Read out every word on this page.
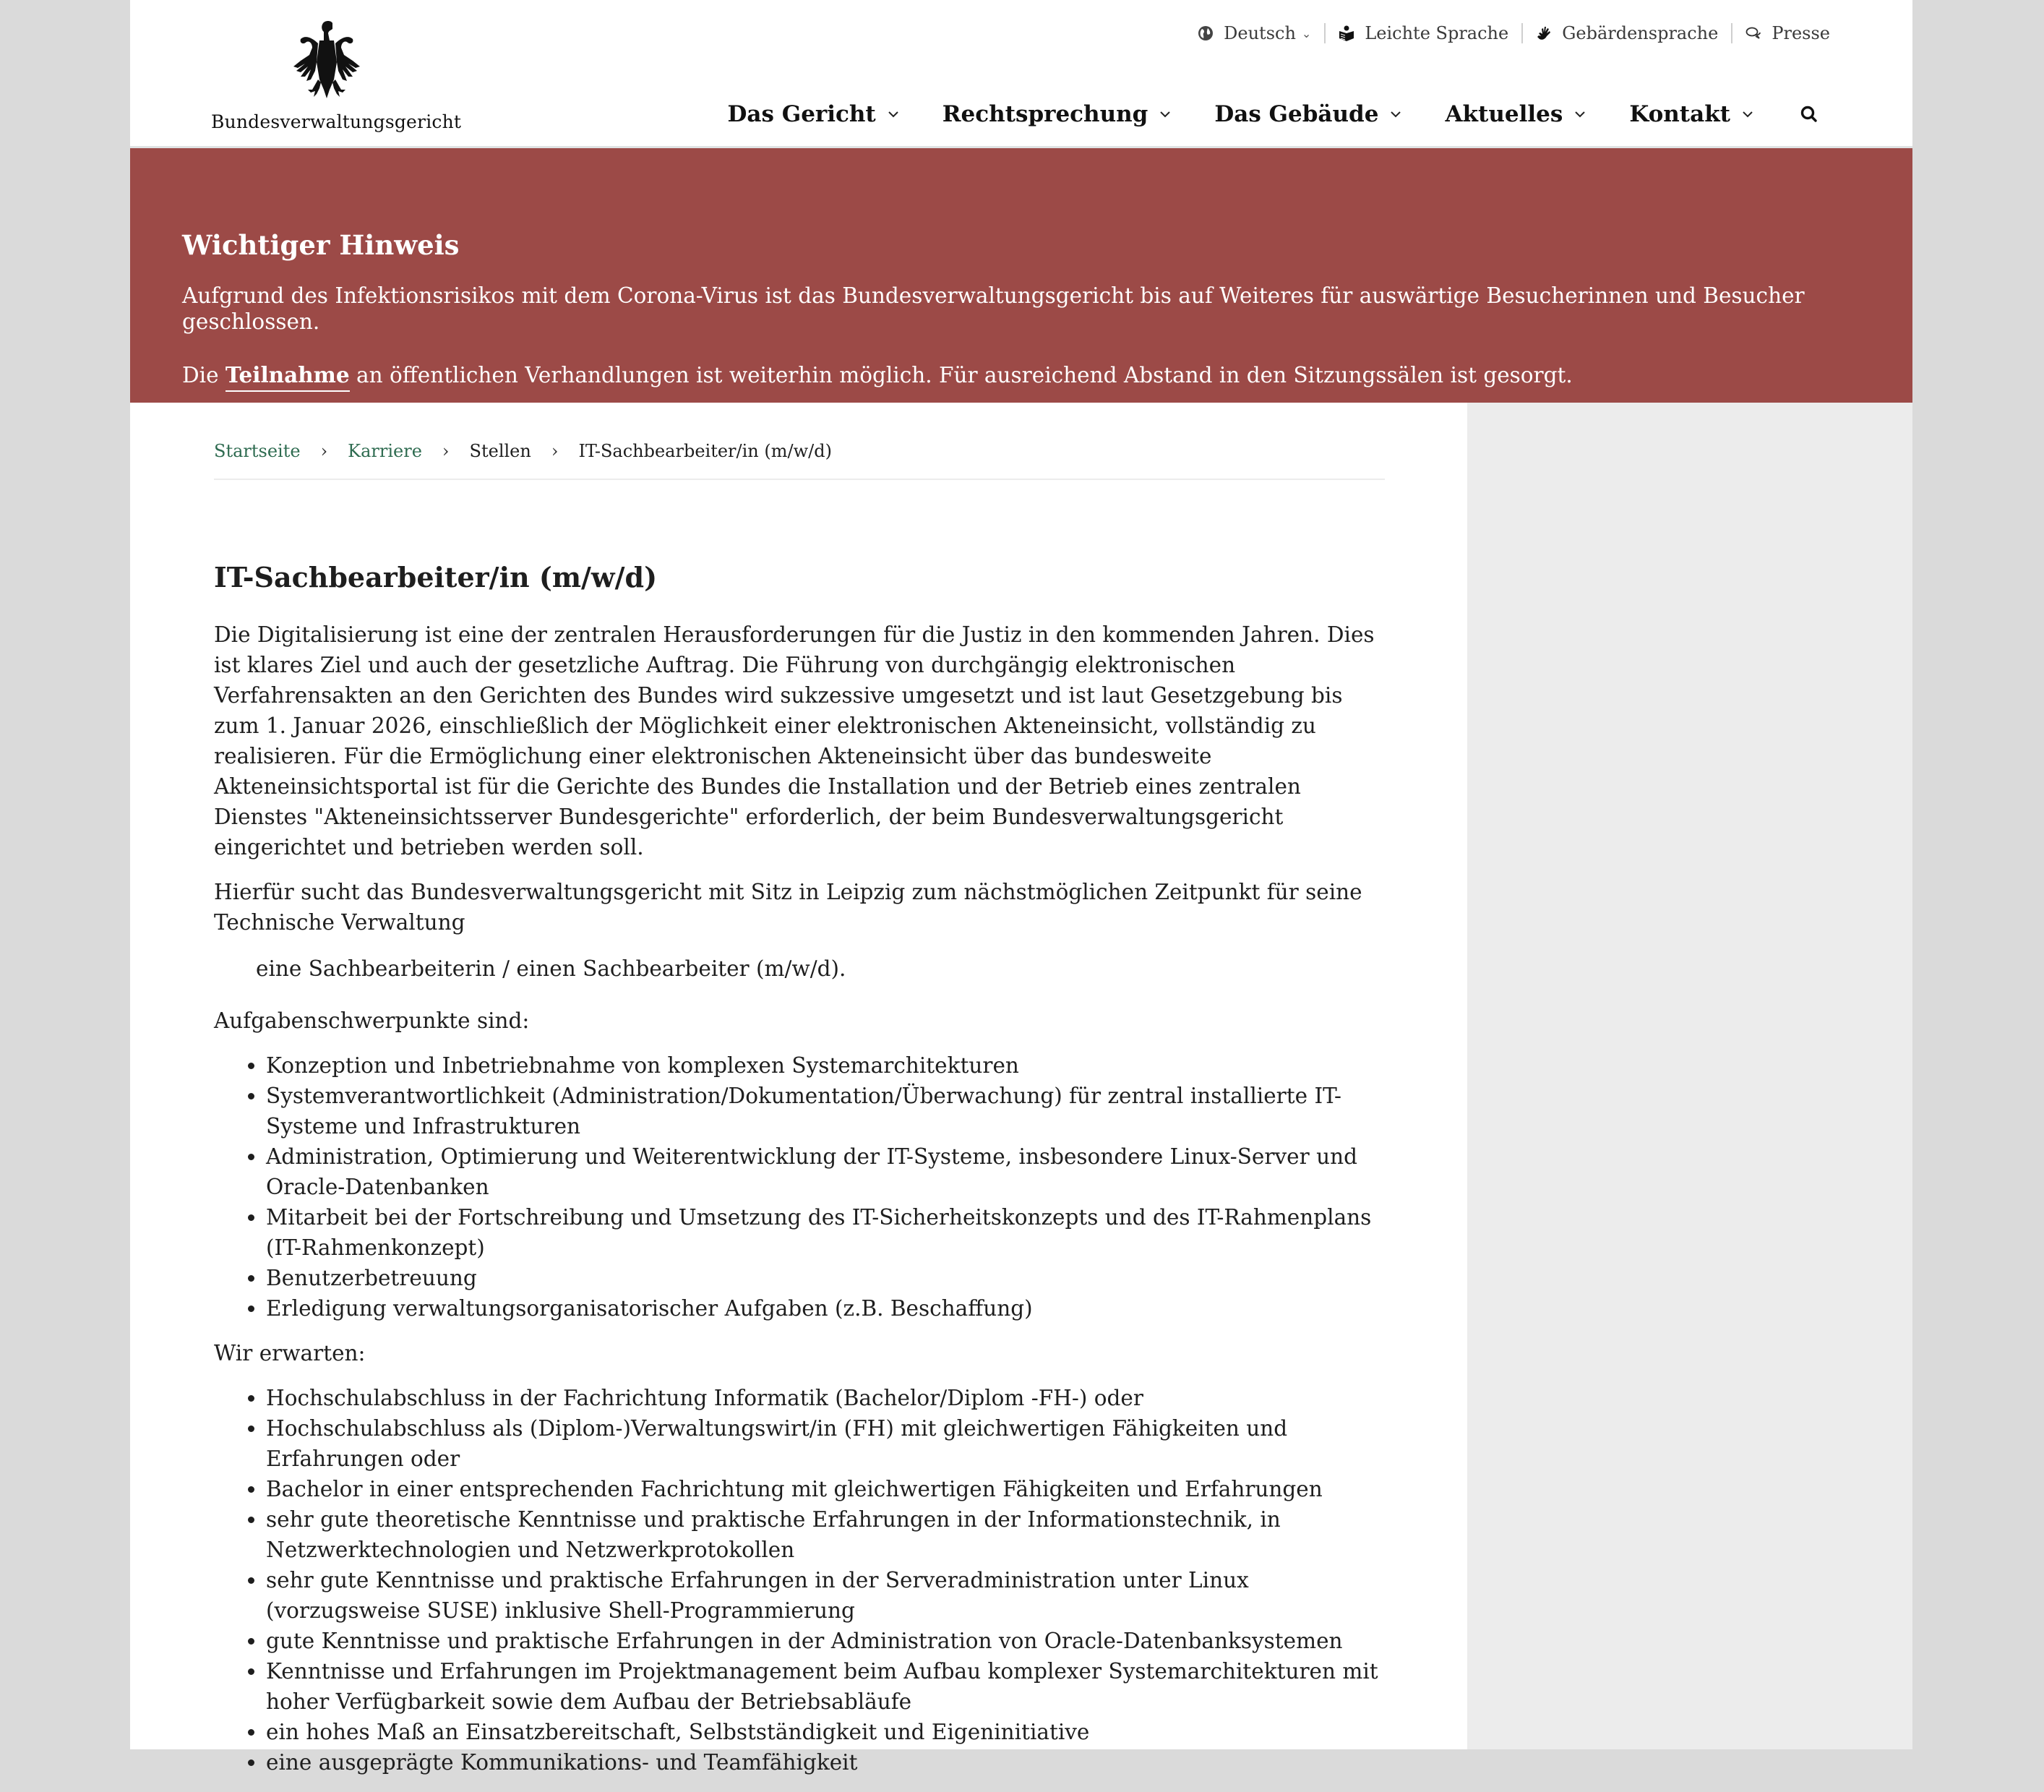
Bundesverwaltungsgericht
Deutsch ⌄	Leichte Sprache	Gebärdensprache	Presse
Das Gericht	Rechtsprechung	Das Gebäude	Aktuelles	Kontakt
Wichtiger Hinweis

Aufgrund des Infektionsrisikos mit dem Corona-Virus ist das Bundesverwaltungsgericht bis auf Weiteres für auswärtige Besucherinnen und Besucher geschlossen.

Die Teilnahme an öffentlichen Verhandlungen ist weiterhin möglich. Für ausreichend Abstand in den Sitzungssälen ist gesorgt.

Startseite › Karriere › Stellen › IT-Sachbearbeiter/in (m/w/d)
IT-Sachbearbeiter/in (m/w/d)

Die Digitalisierung ist eine der zentralen Herausforderungen für die Justiz in den kommenden Jahren. Dies ist klares Ziel und auch der gesetzliche Auftrag. Die Führung von durchgängig elektronischen Verfahrensakten an den Gerichten des Bundes wird sukzessive umgesetzt und ist laut Gesetzgebung bis zum 1. Januar 2026, einschließlich der Möglichkeit einer elektronischen Akteneinsicht, vollständig zu realisieren. Für die Ermöglichung einer elektronischen Akteneinsicht über das bundesweite Akteneinsichtsportal ist für die Gerichte des Bundes die Installation und der Betrieb eines zentralen Dienstes "Akteneinsichtsserver Bundesgerichte" erforderlich, der beim Bundesverwaltungsgericht eingerichtet und betrieben werden soll.

Hierfür sucht das Bundesverwaltungsgericht mit Sitz in Leipzig zum nächstmöglichen Zeitpunkt für seine Technische Verwaltung

eine Sachbearbeiterin / einen Sachbearbeiter (m/w/d).

Aufgabenschwerpunkte sind:

• Konzeption und Inbetriebnahme von komplexen Systemarchitekturen
• Systemverantwortlichkeit (Administration/Dokumentation/Überwachung) für zentral installierte IT-Systeme und Infrastrukturen
• Administration, Optimierung und Weiterentwicklung der IT-Systeme, insbesondere Linux-Server und Oracle-Datenbanken
• Mitarbeit bei der Fortschreibung und Umsetzung des IT-Sicherheitskonzepts und des IT-Rahmenplans (IT-Rahmenkonzept)
• Benutzerbetreuung
• Erledigung verwaltungsorganisatorischer Aufgaben (z.B. Beschaffung)

Wir erwarten:

• Hochschulabschluss in der Fachrichtung Informatik (Bachelor/Diplom -FH-) oder
• Hochschulabschluss als (Diplom-)Verwaltungswirt/in (FH) mit gleichwertigen Fähigkeiten und Erfahrungen oder
• Bachelor in einer entsprechenden Fachrichtung mit gleichwertigen Fähigkeiten und Erfahrungen
• sehr gute theoretische Kenntnisse und praktische Erfahrungen in der Informationstechnik, in Netzwerktechnologien und Netzwerkprotokollen
• sehr gute Kenntnisse und praktische Erfahrungen in der Serveradministration unter Linux (vorzugsweise SUSE) inklusive Shell-Programmierung
• gute Kenntnisse und praktische Erfahrungen in der Administration von Oracle-Datenbanksystemen
• Kenntnisse und Erfahrungen im Projektmanagement beim Aufbau komplexer Systemarchitekturen mit hoher Verfügbarkeit sowie dem Aufbau der Betriebsabläufe
• ein hohes Maß an Einsatzbereitschaft, Selbstständigkeit und Eigeninitiative
• eine ausgeprägte Kommunikations- und Teamfähigkeit
